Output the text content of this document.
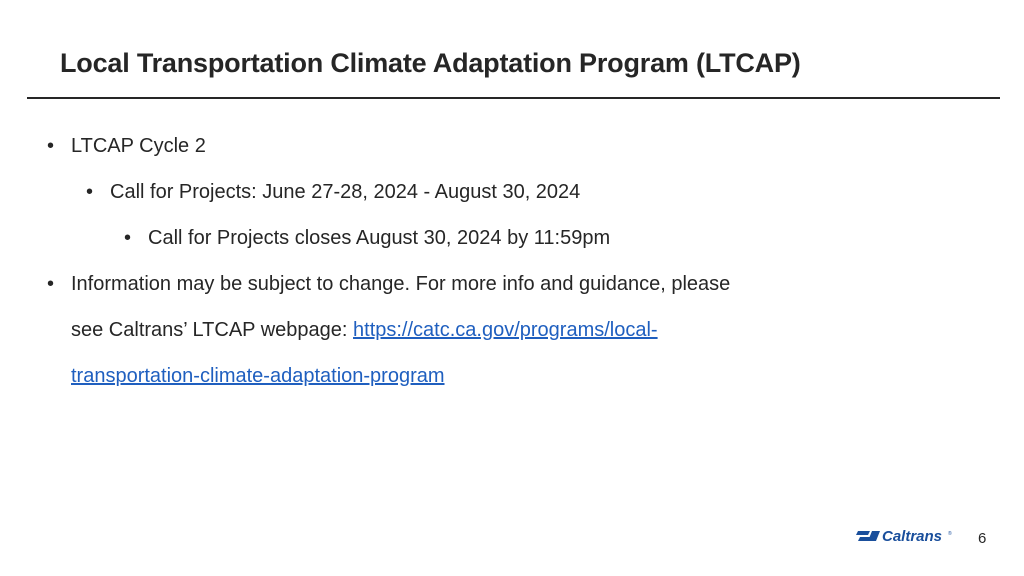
Local Transportation Climate Adaptation Program (LTCAP)
• LTCAP Cycle 2
• Call for Projects: June 27-28, 2024 - August 30, 2024
• Call for Projects closes August 30, 2024 by 11:59pm
• Information may be subject to change. For more info and guidance, please
see Caltrans’ LTCAP webpage: https://catc.ca.gov/programs/local-
transportation-climate-adaptation-program
Caltrans ® 6
